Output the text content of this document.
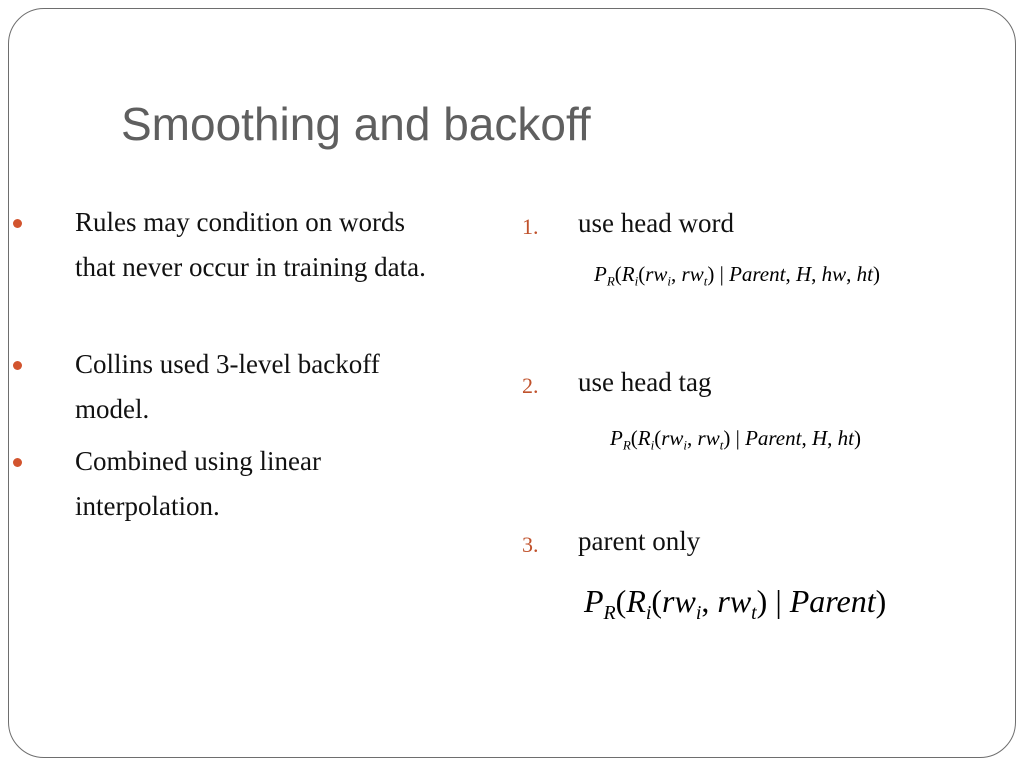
Smoothing and backoff
Rules may condition on words that never occur in training data.
Collins used 3-level backoff model.
Combined using linear interpolation.
1. use head word
$P_R(R_i(rw_i$, $rw_t$) | Parent, H, hw, ht)
2. use head tag
$P_R(R_i(rw_i$, $rw_t$) | Parent, H, ht)
3. parent only
$P_R(R_i(rw_i$, $rw_t$) | Parent)
